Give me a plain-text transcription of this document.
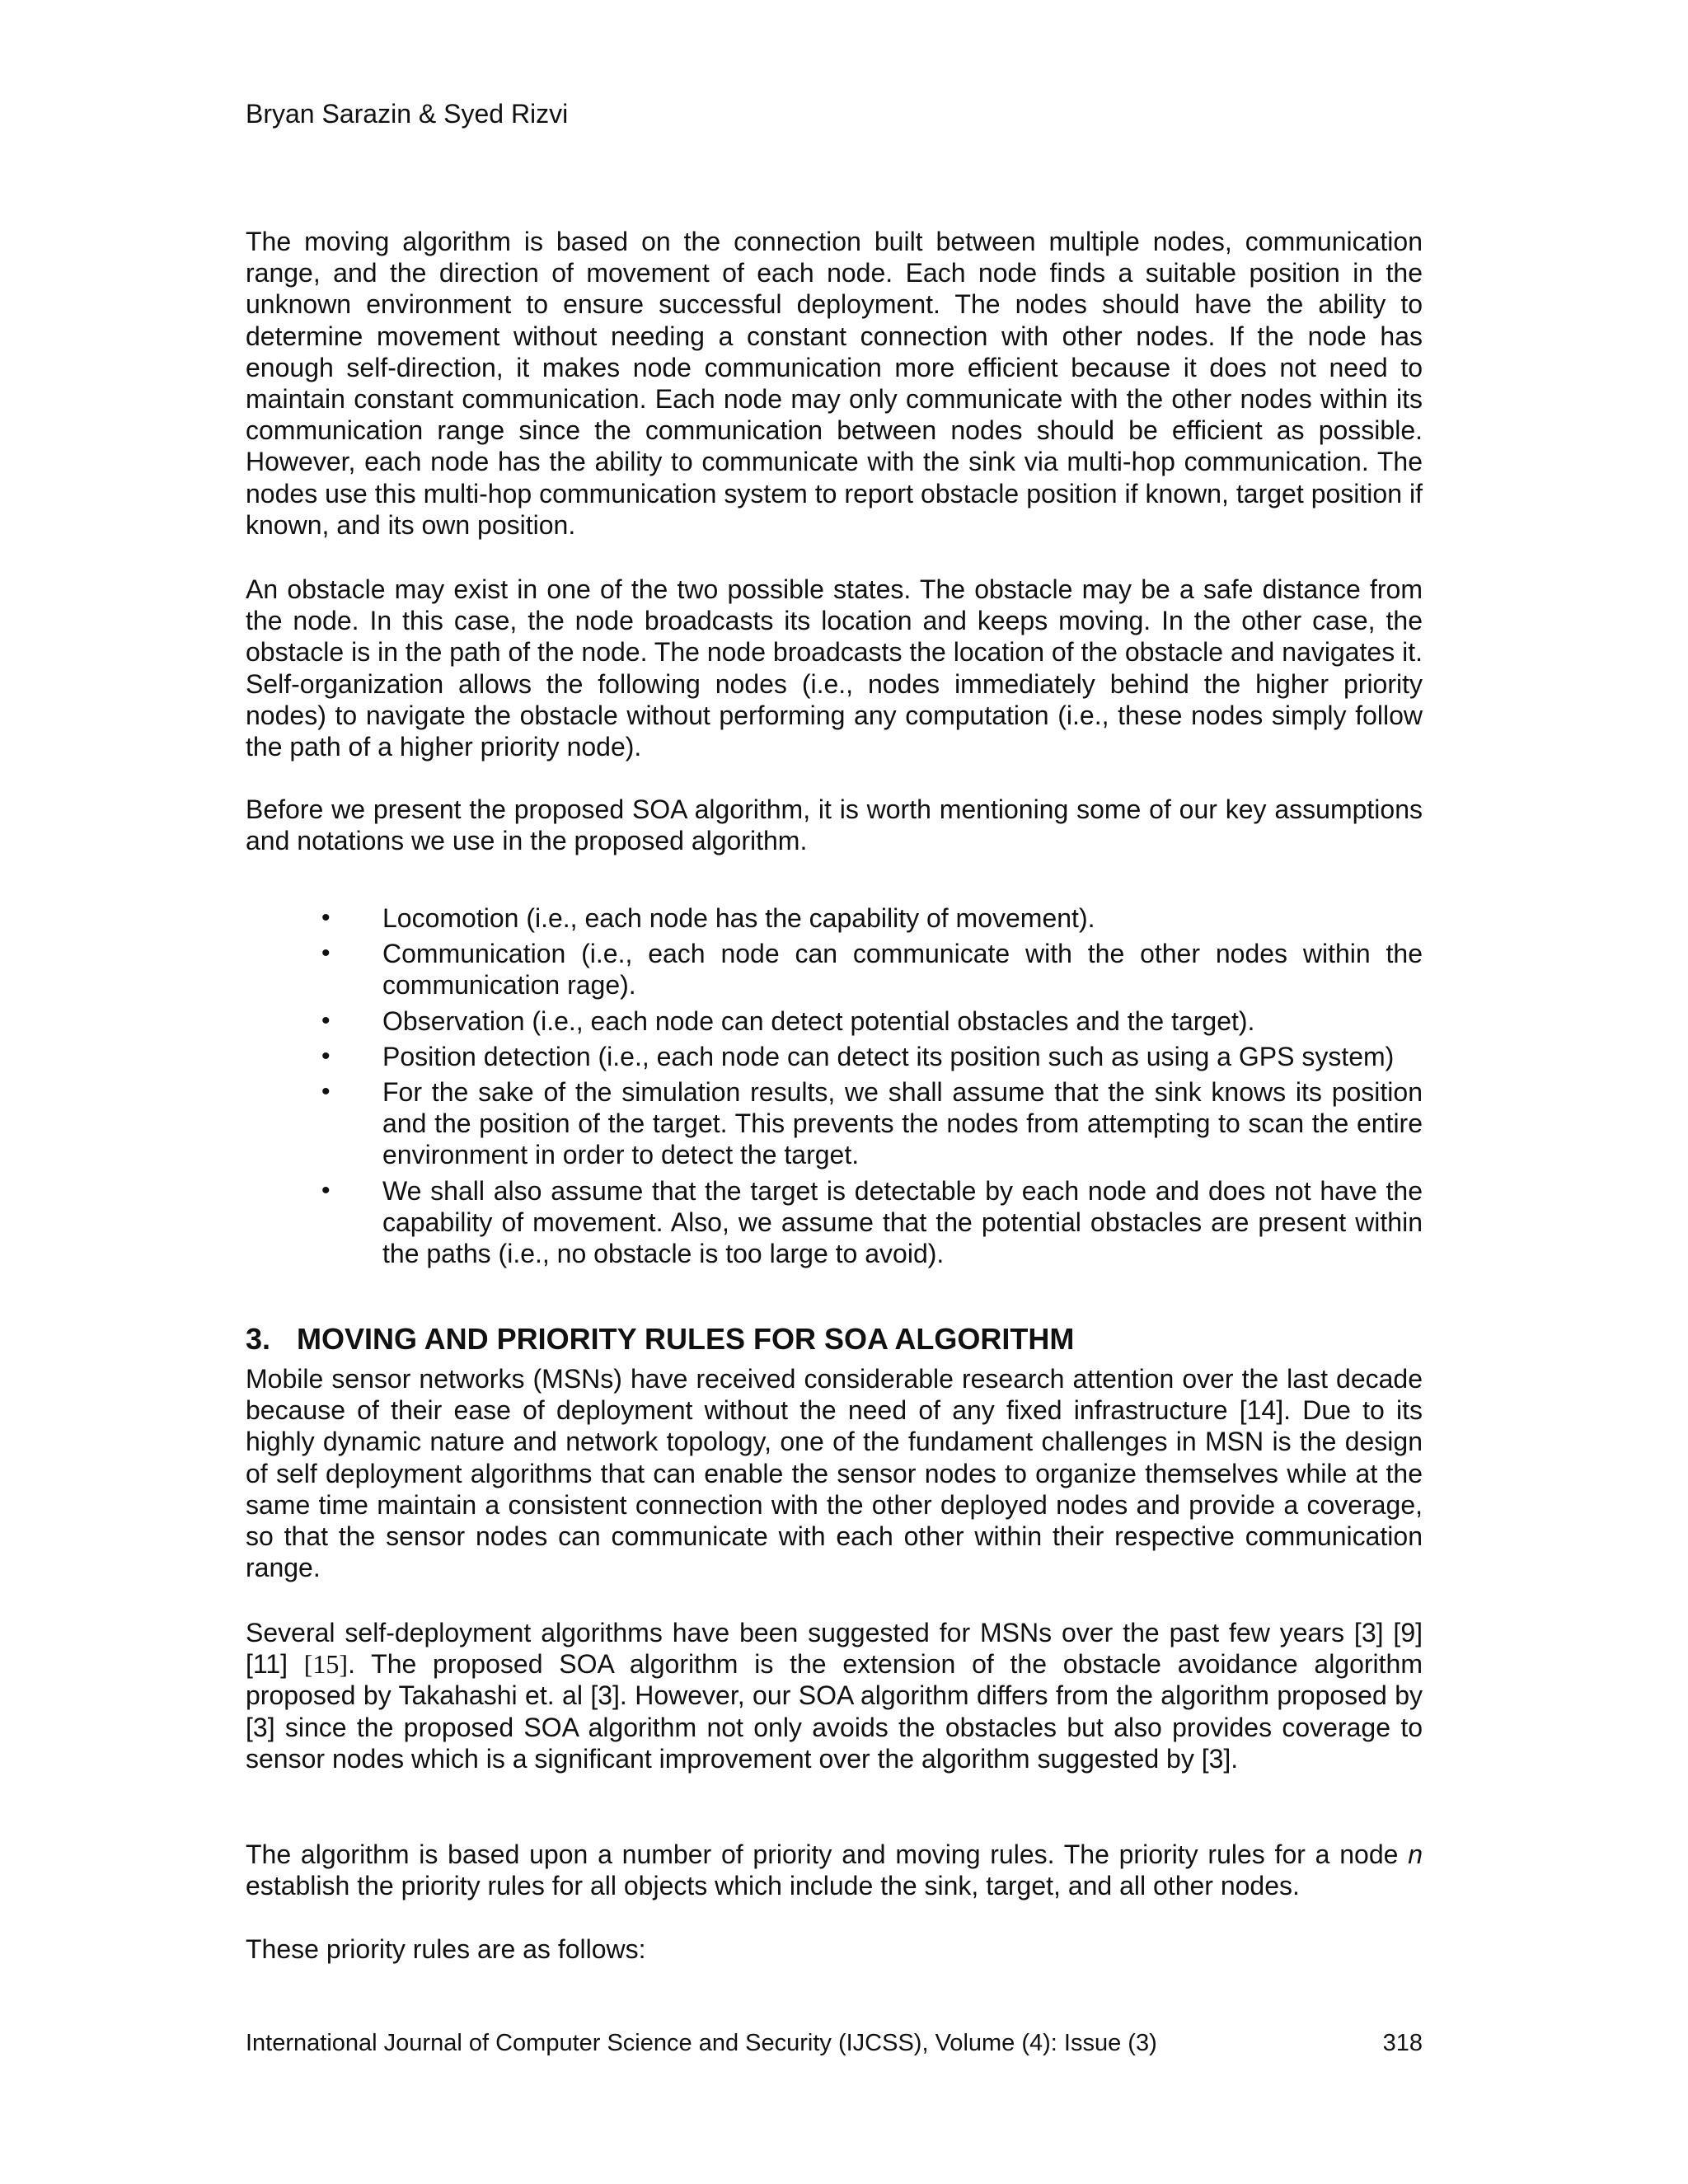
Bryan Sarazin & Syed Rizvi

The moving algorithm is based on the connection built between multiple nodes, communication range, and the direction of movement of each node. Each node finds a suitable position in the unknown environment to ensure successful deployment. The nodes should have the ability to determine movement without needing a constant connection with other nodes. If the node has enough self-direction, it makes node communication more efficient because it does not need to maintain constant communication. Each node may only communicate with the other nodes within its communication range since the communication between nodes should be efficient as possible. However, each node has the ability to communicate with the sink via multi-hop communication. The nodes use this multi-hop communication system to report obstacle position if known, target position if known, and its own position.

An obstacle may exist in one of the two possible states. The obstacle may be a safe distance from the node. In this case, the node broadcasts its location and keeps moving. In the other case, the obstacle is in the path of the node. The node broadcasts the location of the obstacle and navigates it. Self-organization allows the following nodes (i.e., nodes immediately behind the higher priority nodes) to navigate the obstacle without performing any computation (i.e., these nodes simply follow the path of a higher priority node).

Before we present the proposed SOA algorithm, it is worth mentioning some of our key assumptions and notations we use in the proposed algorithm.

• Locomotion (i.e., each node has the capability of movement).
• Communication (i.e., each node can communicate with the other nodes within the communication rage).
• Observation (i.e., each node can detect potential obstacles and the target).
• Position detection (i.e., each node can detect its position such as using a GPS system)
• For the sake of the simulation results, we shall assume that the sink knows its position and the position of the target. This prevents the nodes from attempting to scan the entire environment in order to detect the target.
• We shall also assume that the target is detectable by each node and does not have the capability of movement. Also, we assume that the potential obstacles are present within the paths (i.e., no obstacle is too large to avoid).
3. MOVING AND PRIORITY RULES FOR SOA ALGORITHM

Mobile sensor networks (MSNs) have received considerable research attention over the last decade because of their ease of deployment without the need of any fixed infrastructure [14]. Due to its highly dynamic nature and network topology, one of the fundament challenges in MSN is the design of self deployment algorithms that can enable the sensor nodes to organize themselves while at the same time maintain a consistent connection with the other deployed nodes and provide a coverage, so that the sensor nodes can communicate with each other within their respective communication range.

Several self-deployment algorithms have been suggested for MSNs over the past few years [3] [9] [11] [15]. The proposed SOA algorithm is the extension of the obstacle avoidance algorithm proposed by Takahashi et. al [3]. However, our SOA algorithm differs from the algorithm proposed by [3] since the proposed SOA algorithm not only avoids the obstacles but also provides coverage to sensor nodes which is a significant improvement over the algorithm suggested by [3].

The algorithm is based upon a number of priority and moving rules. The priority rules for a node n establish the priority rules for all objects which include the sink, target, and all other nodes.

These priority rules are as follows:

International Journal of Computer Science and Security (IJCSS), Volume (4): Issue (3)	318
